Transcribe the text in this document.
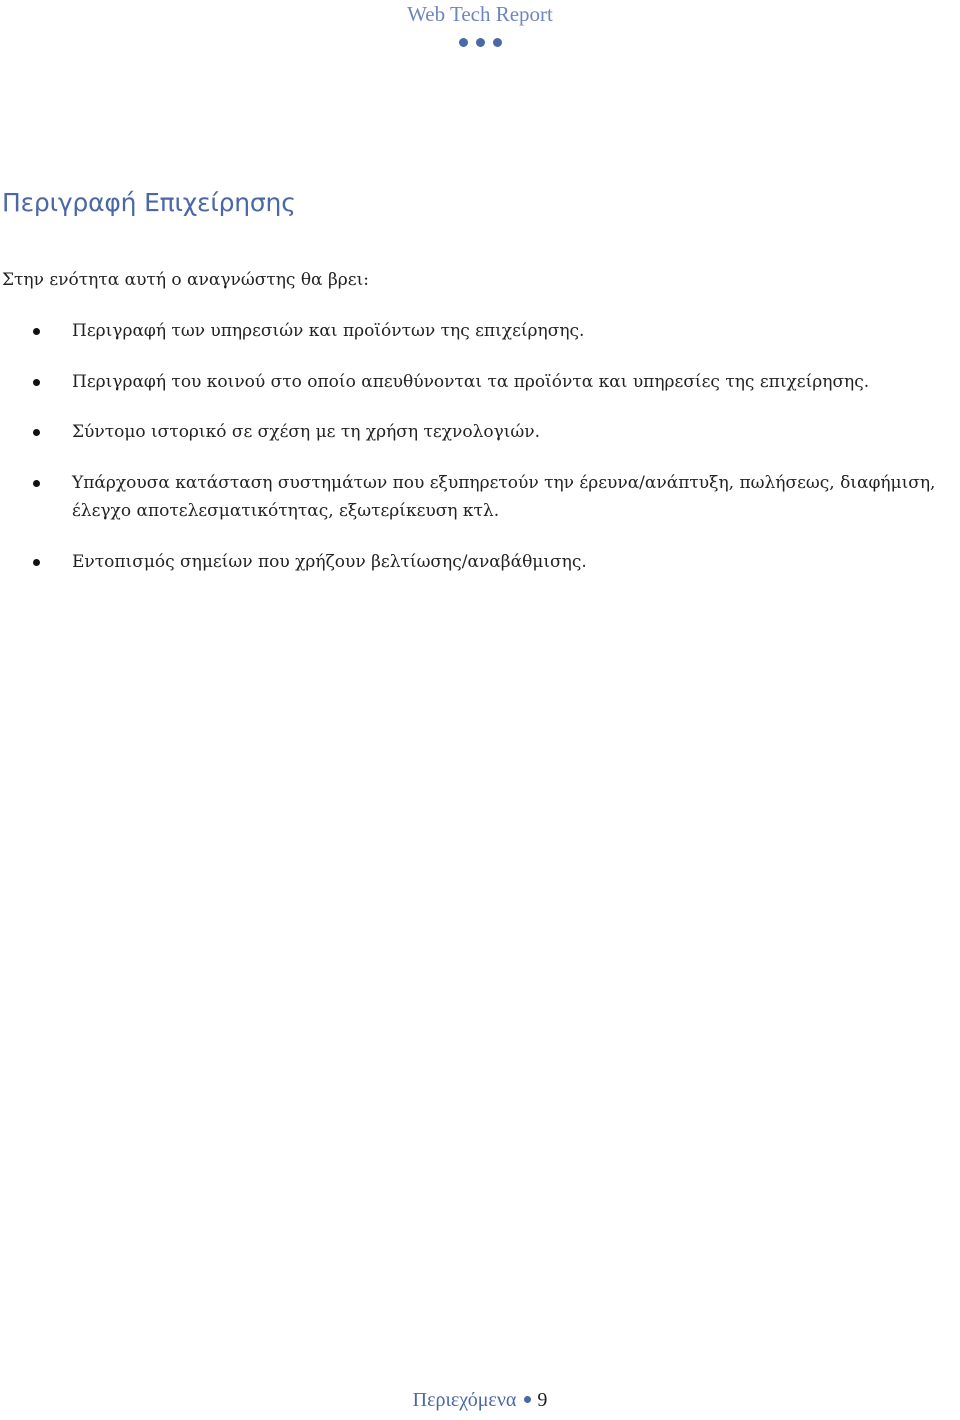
Web Tech Report
Περιγραφή Επιχείρησης

Στην ενότητα αυτή ο αναγνώστης θα βρει:

Περιγραφή των υπηρεσιών και προϊόντων της επιχείρησης.
Περιγραφή του κοινού στο οποίο απευθύνονται τα προϊόντα και υπηρεσίες της επιχείρησης.
Σύντομο ιστορικό σε σχέση με τη χρήση τεχνολογιών.
Υπάρχουσα κατάσταση συστημάτων που εξυπηρετούν την έρευνα/ανάπτυξη, πωλήσεως, διαφήμιση, έλεγχο αποτελεσματικότητας, εξωτερίκευση κτλ.
Εντοπισμός σημείων που χρήζουν βελτίωσης/αναβάθμισης.
Περιεχόμενα 9
